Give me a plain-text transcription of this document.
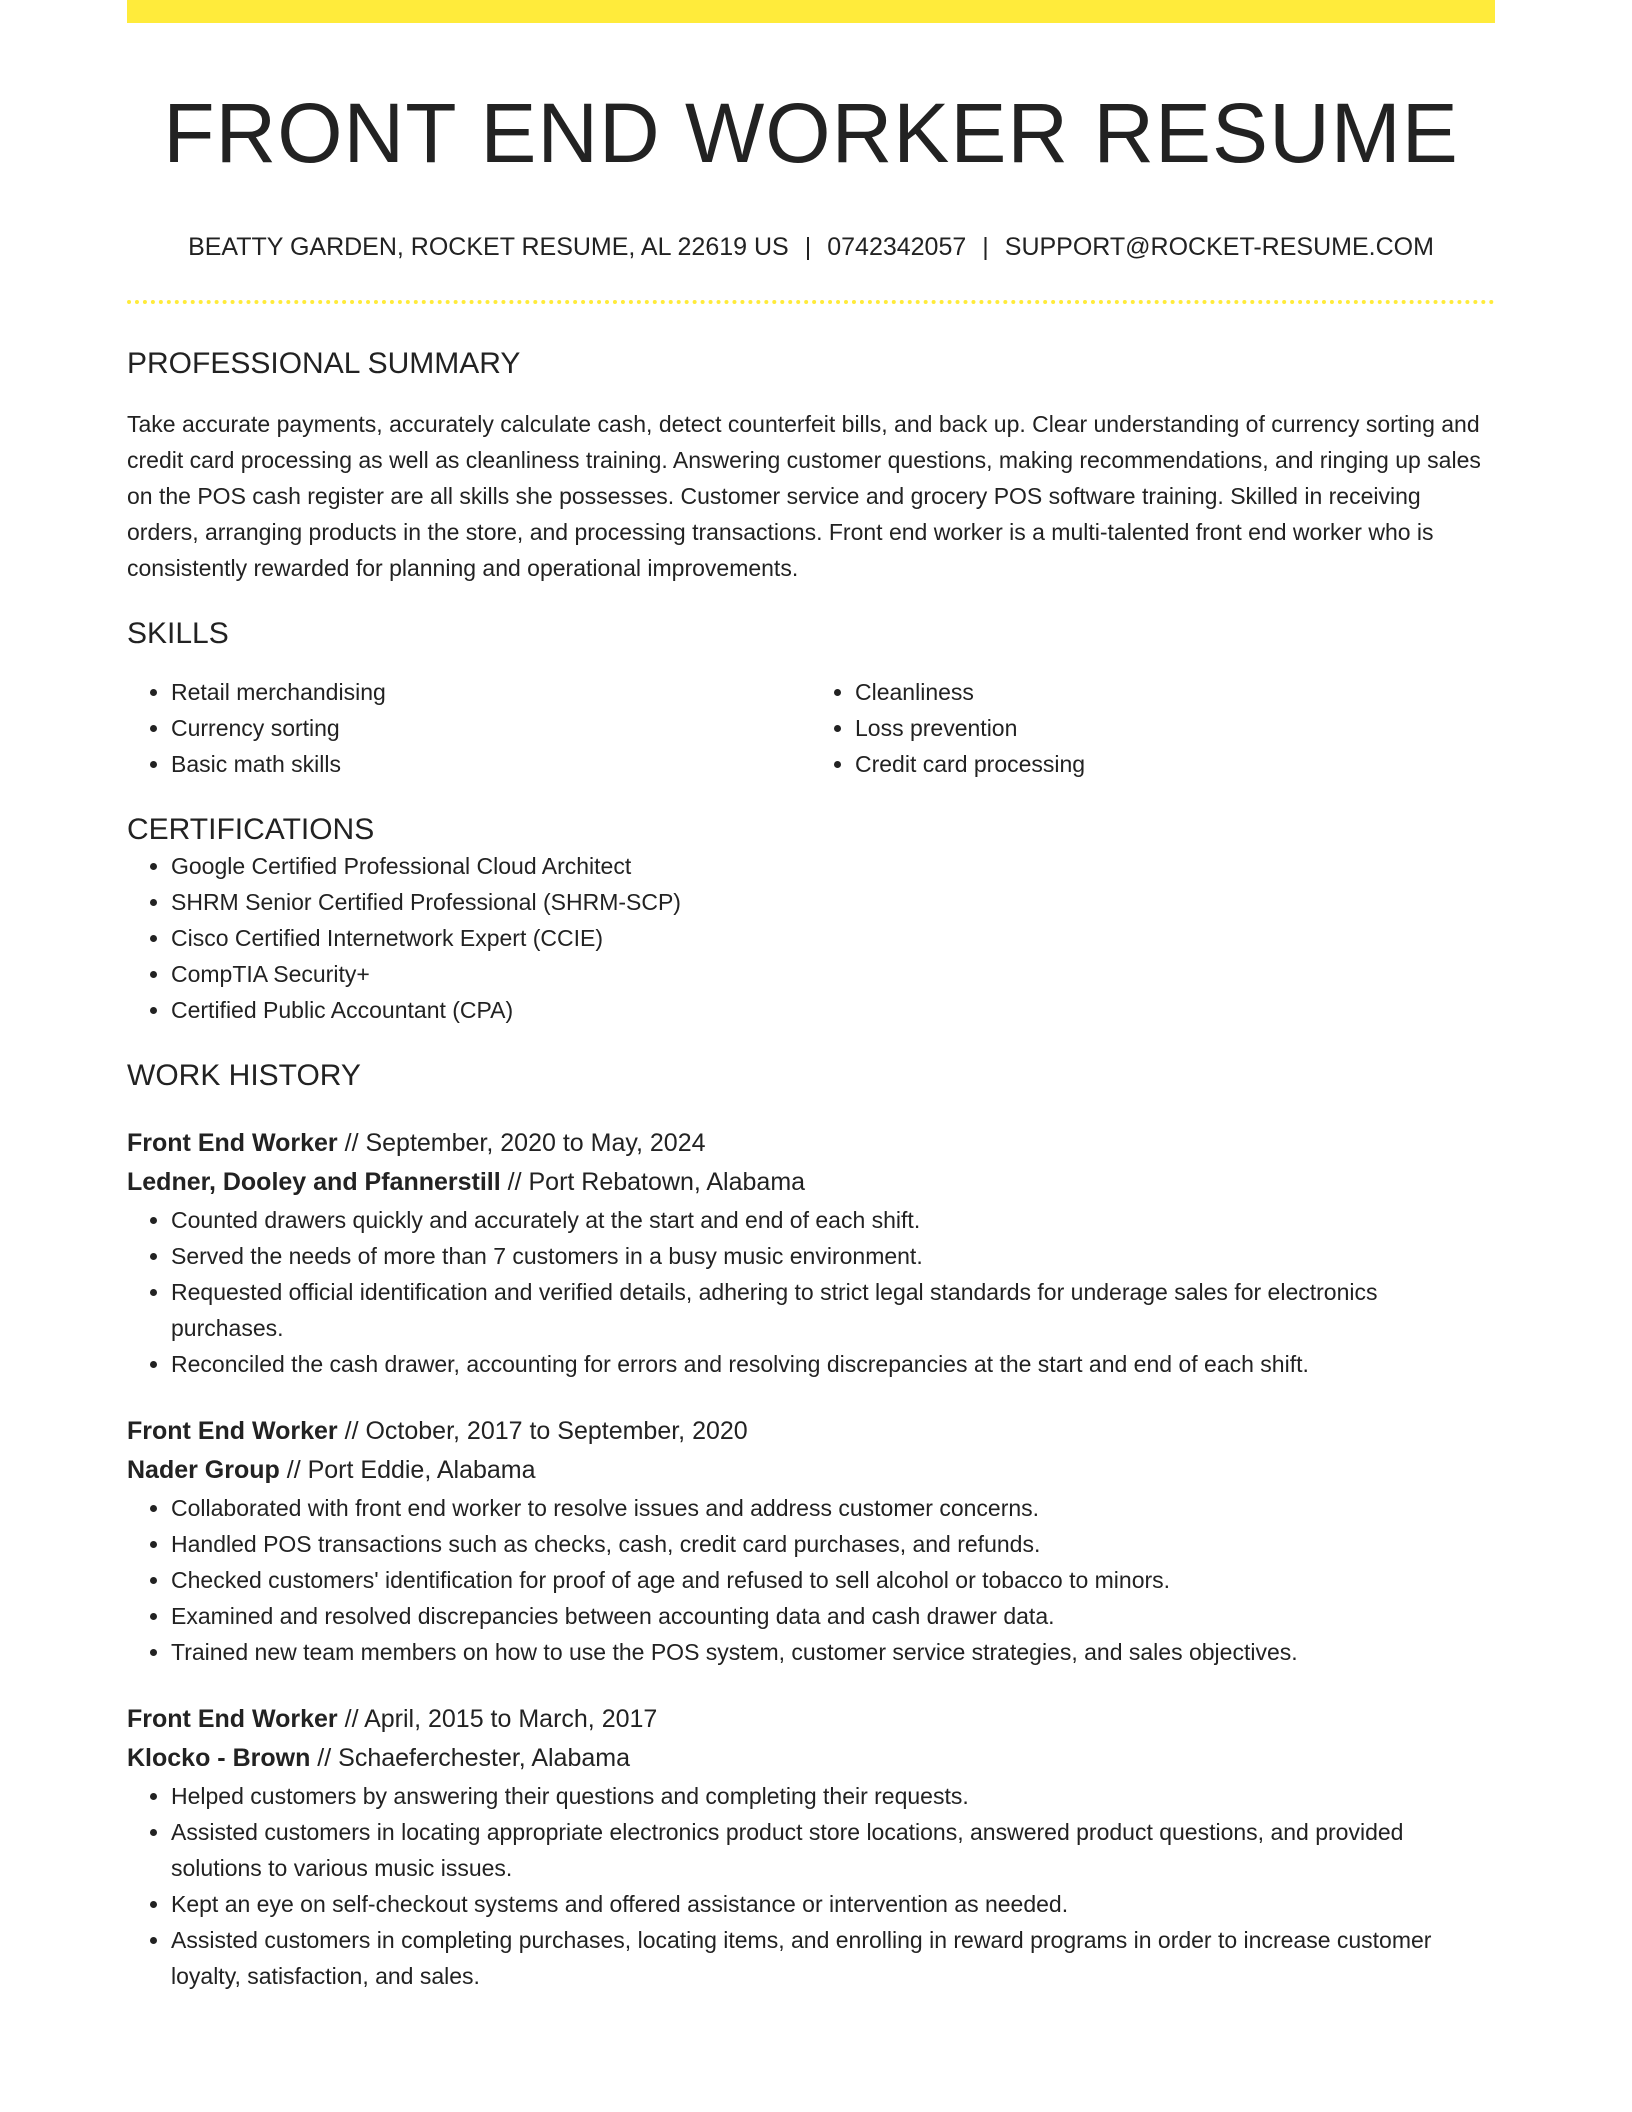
FRONT END WORKER RESUME
BEATTY GARDEN, ROCKET RESUME, AL 22619 US | 0742342057 | SUPPORT@ROCKET-RESUME.COM
PROFESSIONAL SUMMARY

Take accurate payments, accurately calculate cash, detect counterfeit bills, and back up. Clear understanding of currency sorting and credit card processing as well as cleanliness training. Answering customer questions, making recommendations, and ringing up sales on the POS cash register are all skills she possesses. Customer service and grocery POS software training. Skilled in receiving orders, arranging products in the store, and processing transactions. Front end worker is a multi-talented front end worker who is consistently rewarded for planning and operational improvements.

SKILLS
• Retail merchandising
• Currency sorting
• Basic math skills
• Cleanliness
• Loss prevention
• Credit card processing
CERTIFICATIONS
• Google Certified Professional Cloud Architect
• SHRM Senior Certified Professional (SHRM-SCP)
• Cisco Certified Internetwork Expert (CCIE)
• CompTIA Security+
• Certified Public Accountant (CPA)
WORK HISTORY
Front End Worker // September, 2020 to May, 2024
Ledner, Dooley and Pfannerstill // Port Rebatown, Alabama
• Counted drawers quickly and accurately at the start and end of each shift.
• Served the needs of more than 7 customers in a busy music environment.
• Requested official identification and verified details, adhering to strict legal standards for underage sales for electronics purchases.
• Reconciled the cash drawer, accounting for errors and resolving discrepancies at the start and end of each shift.
Front End Worker // October, 2017 to September, 2020
Nader Group // Port Eddie, Alabama
• Collaborated with front end worker to resolve issues and address customer concerns.
• Handled POS transactions such as checks, cash, credit card purchases, and refunds.
• Checked customers' identification for proof of age and refused to sell alcohol or tobacco to minors.
• Examined and resolved discrepancies between accounting data and cash drawer data.
• Trained new team members on how to use the POS system, customer service strategies, and sales objectives.
Front End Worker // April, 2015 to March, 2017
Klocko - Brown // Schaeferchester, Alabama
• Helped customers by answering their questions and completing their requests.
• Assisted customers in locating appropriate electronics product store locations, answered product questions, and provided solutions to various music issues.
• Kept an eye on self-checkout systems and offered assistance or intervention as needed.
• Assisted customers in completing purchases, locating items, and enrolling in reward programs in order to increase customer loyalty, satisfaction, and sales.
